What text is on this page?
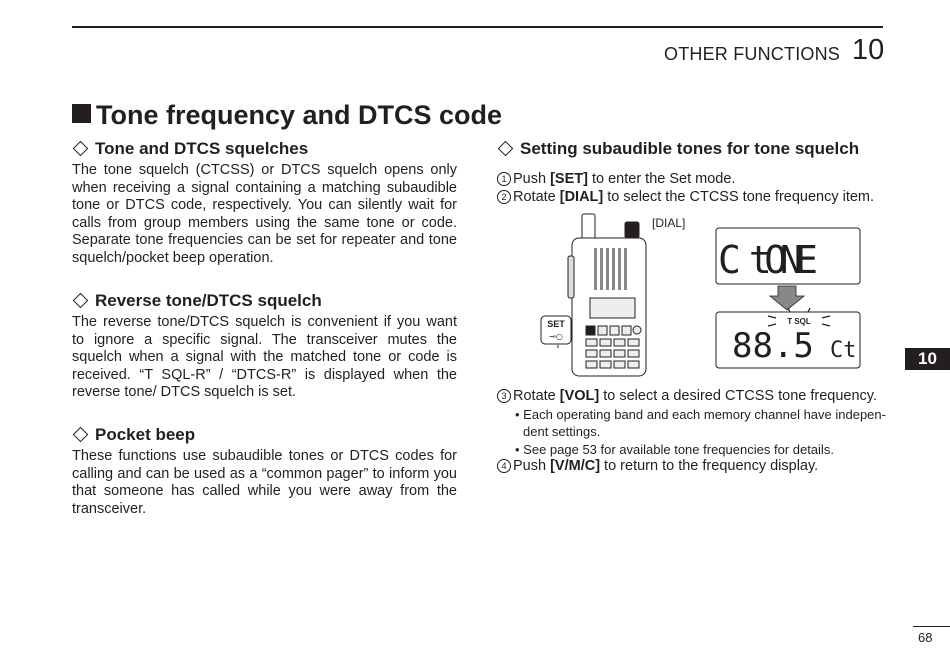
OTHER FUNCTIONS 10
Tone frequency and DTCS code
Tone and DTCS squelches
The tone squelch (CTCSS) or DTCS squelch opens only when receiving a signal containing a matching subaudible tone or DTCS code, respectively. You can silently wait for calls from group members using the same tone or code. Separate tone frequencies can be set for repeater and tone squelch/pocket beep operation.
Reverse tone/DTCS squelch
The reverse tone/DTCS squelch is convenient if you want to ignore a specific signal. The transceiver mutes the squelch when a signal with the matched tone or code is received. “T SQL-R” / “DTCS-R” is displayed when the reverse tone/ DTCS squelch is set.
Pocket beep
These functions use subaudible tones or DTCS codes for calling and can be used as a “common pager” to inform you that someone has called while you were away from the transceiver.
Setting subaudible tones for tone squelch
1 Push [SET] to enter the Set mode.
2 Rotate [DIAL] to select the CTCSS tone frequency item.
SET
⊸○
[DIAL]
C tONE
T SQL
88.5 Ct
3 Rotate [VOL] to select a desired CTCSS tone frequency.
• Each operating band and each memory channel have indepen-
dent settings.
• See page 53 for available tone frequencies for details.
4 Push [V/M/C] to return to the frequency display.
10
68
